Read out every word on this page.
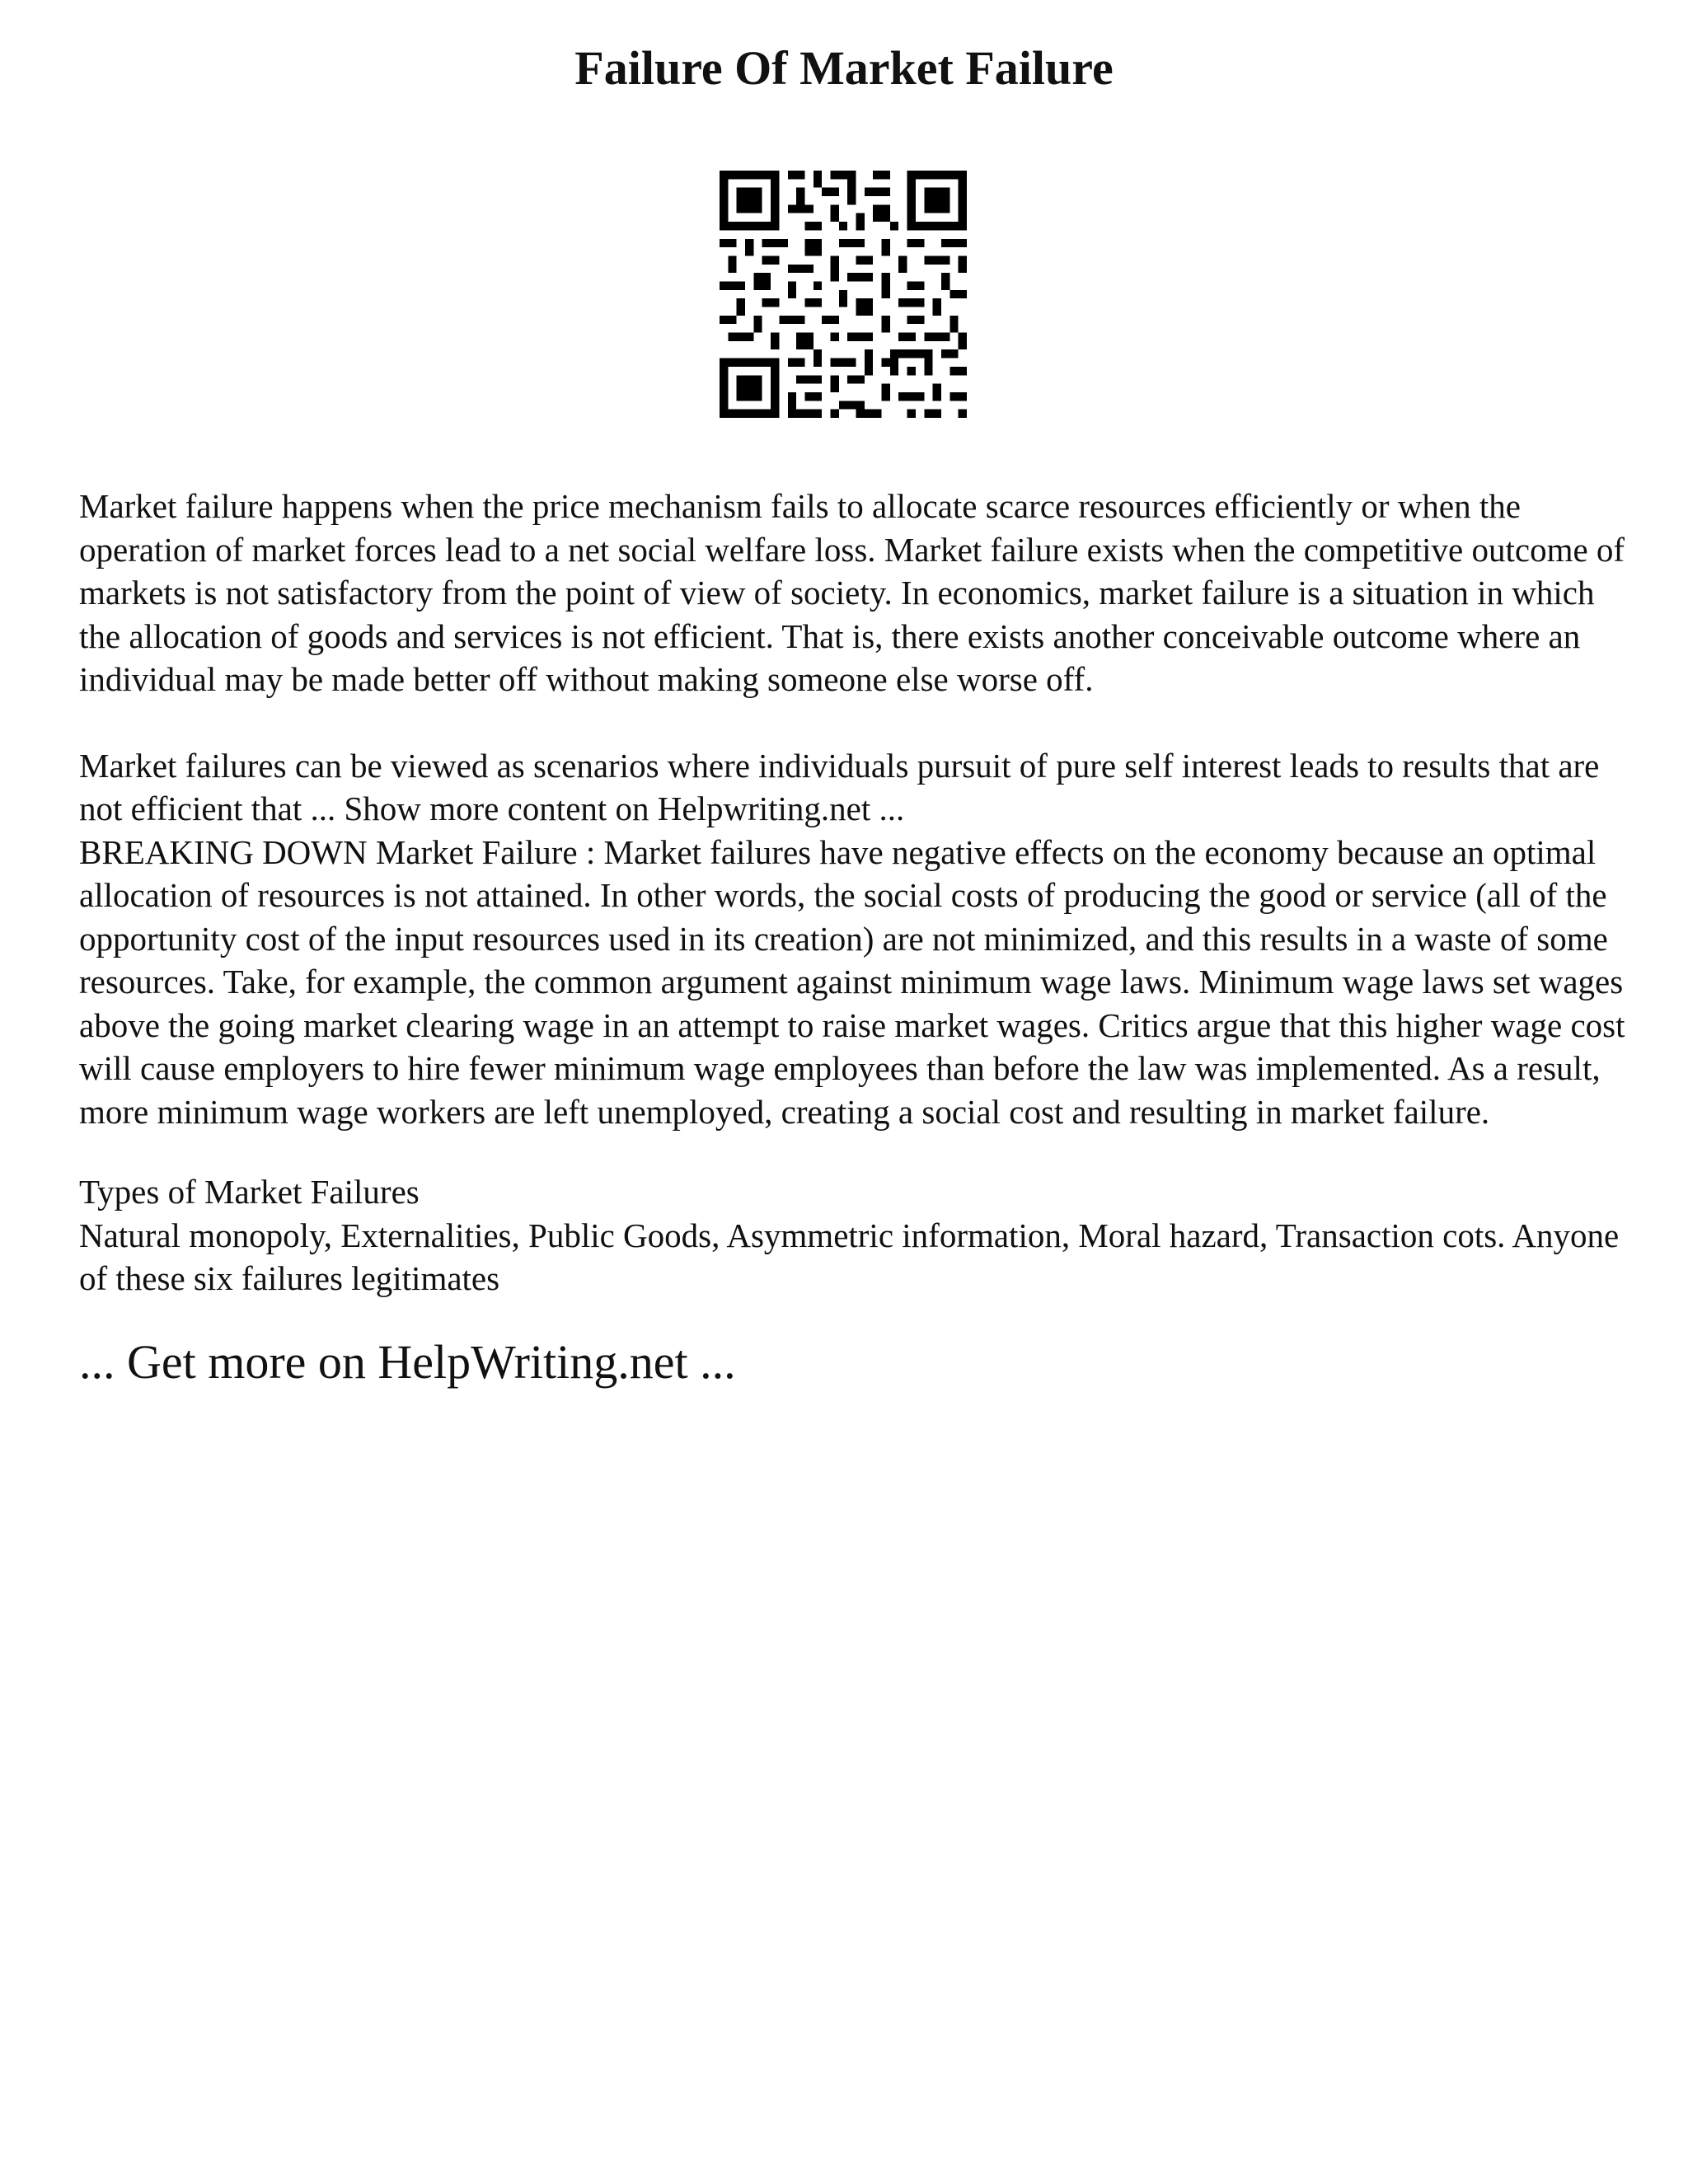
Failure Of Market Failure

Market failure happens when the price mechanism fails to allocate scarce resources efficiently or when the operation of market forces lead to a net social welfare loss. Market failure exists when the competitive outcome of markets is not satisfactory from the point of view of society. In economics, market failure is a situation in which the allocation of goods and services is not efficient. That is, there exists another conceivable outcome where an individual may be made better off without making someone else worse off.

Market failures can be viewed as scenarios where individuals pursuit of pure self interest leads to results that are not efficient that ... Show more content on Helpwriting.net ...

BREAKING DOWN Market Failure : Market failures have negative effects on the economy because an optimal allocation of resources is not attained. In other words, the social costs of producing the good or service (all of the opportunity cost of the input resources used in its creation) are not minimized, and this results in a waste of some resources. Take, for example, the common argument against minimum wage laws. Minimum wage laws set wages above the going market clearing wage in an attempt to raise market wages. Critics argue that this higher wage cost will cause employers to hire fewer minimum wage employees than before the law was implemented. As a result, more minimum wage workers are left unemployed, creating a social cost and resulting in market failure.

Types of Market Failures

Natural monopoly, Externalities, Public Goods, Asymmetric information, Moral hazard, Transaction cots. Anyone of these six failures legitimates

... Get more on HelpWriting.net ...
